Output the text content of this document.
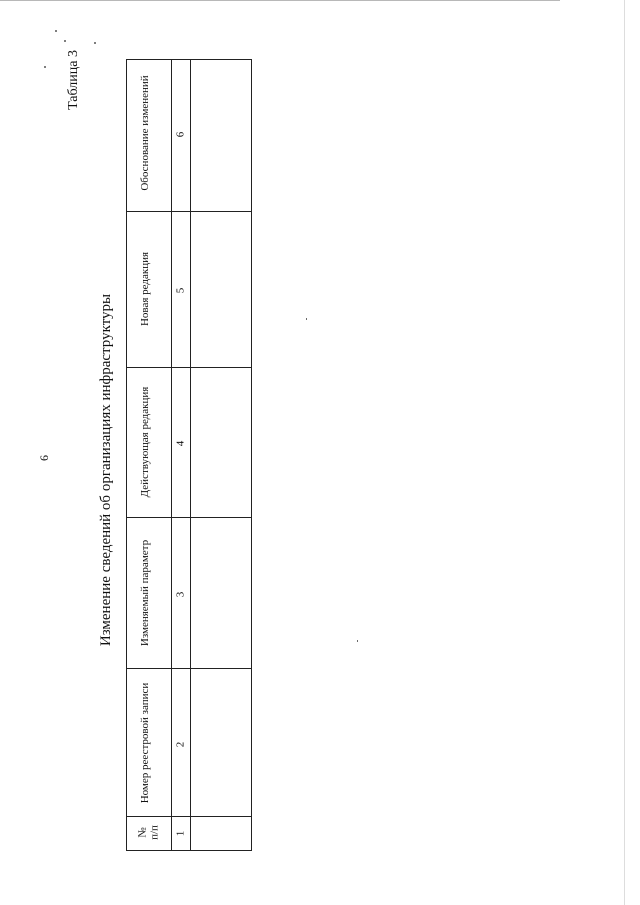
6
Таблица 3
Изменение сведений об организациях инфраструктуры
Обоснование изменений
Новая редакция
Действующая редакция
Изменяемый параметр
Номер реестровой записи
№ п/п
6
5
4
3
2
1
